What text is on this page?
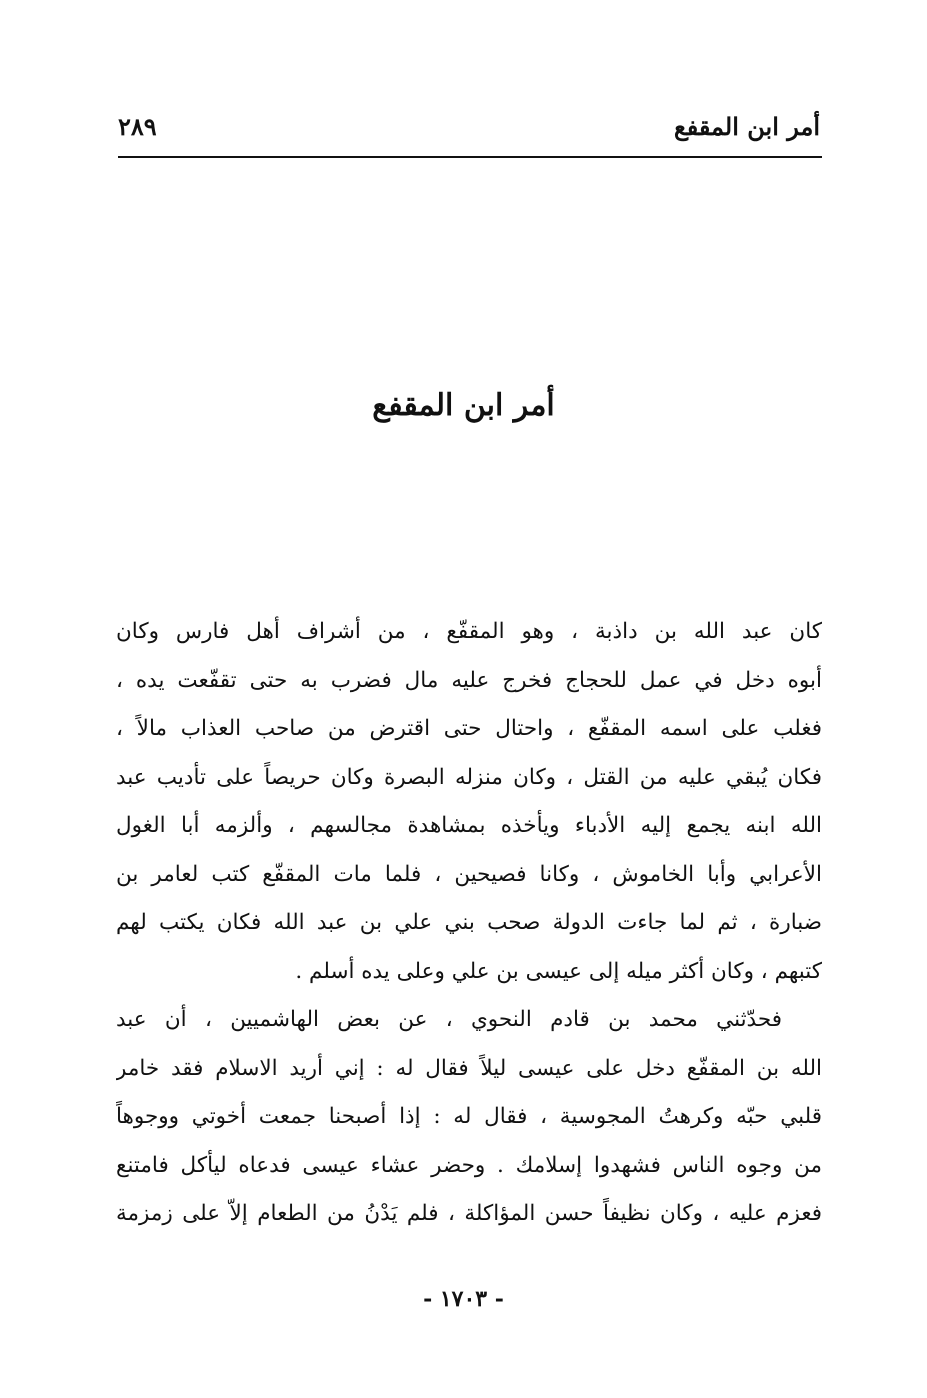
أمر ابن المقفع
٢٨٩
أمر ابن المقفع
كان عبد الله بن داذبة ، وهو المقفّع ، من أشراف أهل فارس وكان
أبوه دخل في عمل للحجاج فخرج عليه مال فضرب به حتى تقفّعت يده ،
فغلب على اسمه المقفّع ، واحتال حتى اقترض من صاحب العذاب مالاً ،
فكان يُبقي عليه من القتل ، وكان منزله البصرة وكان حريصاً على تأديب عبد
الله ابنه يجمع إليه الأدباء ويأخذه بمشاهدة مجالسهم ، وألزمه أبا الغول
الأعرابي وأبا الخاموش ، وكانا فصيحين ، فلما مات المقفّع كتب لعامر بن
ضبارة ، ثم لما جاءت الدولة صحب بني علي بن عبد الله فكان يكتب لهم
كتبهم ، وكان أكثر ميله إلى عيسى بن علي وعلى يده أسلم .
فحدّثني محمد بن قادم النحوي ، عن بعض الهاشميين ، أن عبد
الله بن المقفّع دخل على عيسى ليلاً فقال له : إني أريد الاسلام فقد خامر
قلبي حبّه وكرهتُ المجوسية ، فقال له : إذا أصبحنا جمعت أخوتي ووجوهاً
من وجوه الناس فشهدوا إسلامك . وحضر عشاء عيسى فدعاه ليأكل فامتنع
فعزم عليه ، وكان نظيفاً حسن المؤاكلة ، فلم يَدْنُ من الطعام إلاّ على زمزمة
- ١٧٠٣ -
